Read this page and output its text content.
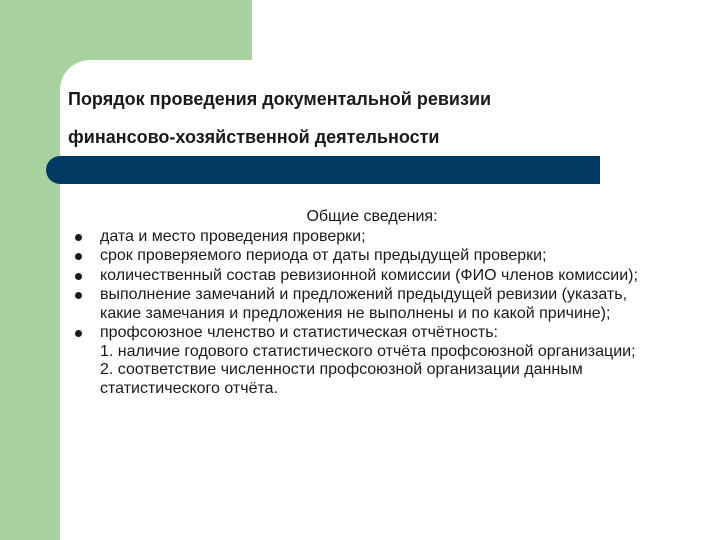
Порядок проведения документальной ревизии
финансово-хозяйственной деятельности
Общие сведения:
дата и место проведения проверки;
срок проверяемого периода от даты предыдущей проверки;
количественный состав ревизионной комиссии (ФИО членов комиссии);
выполнение замечаний и предложений предыдущей ревизии (указать, какие замечания и предложения не выполнены и по какой причине);
профсоюзное членство и статистическая отчётность:
1. наличие годового статистического отчёта профсоюзной организации;
2. соответствие численности профсоюзной организации данным статистического отчёта.
